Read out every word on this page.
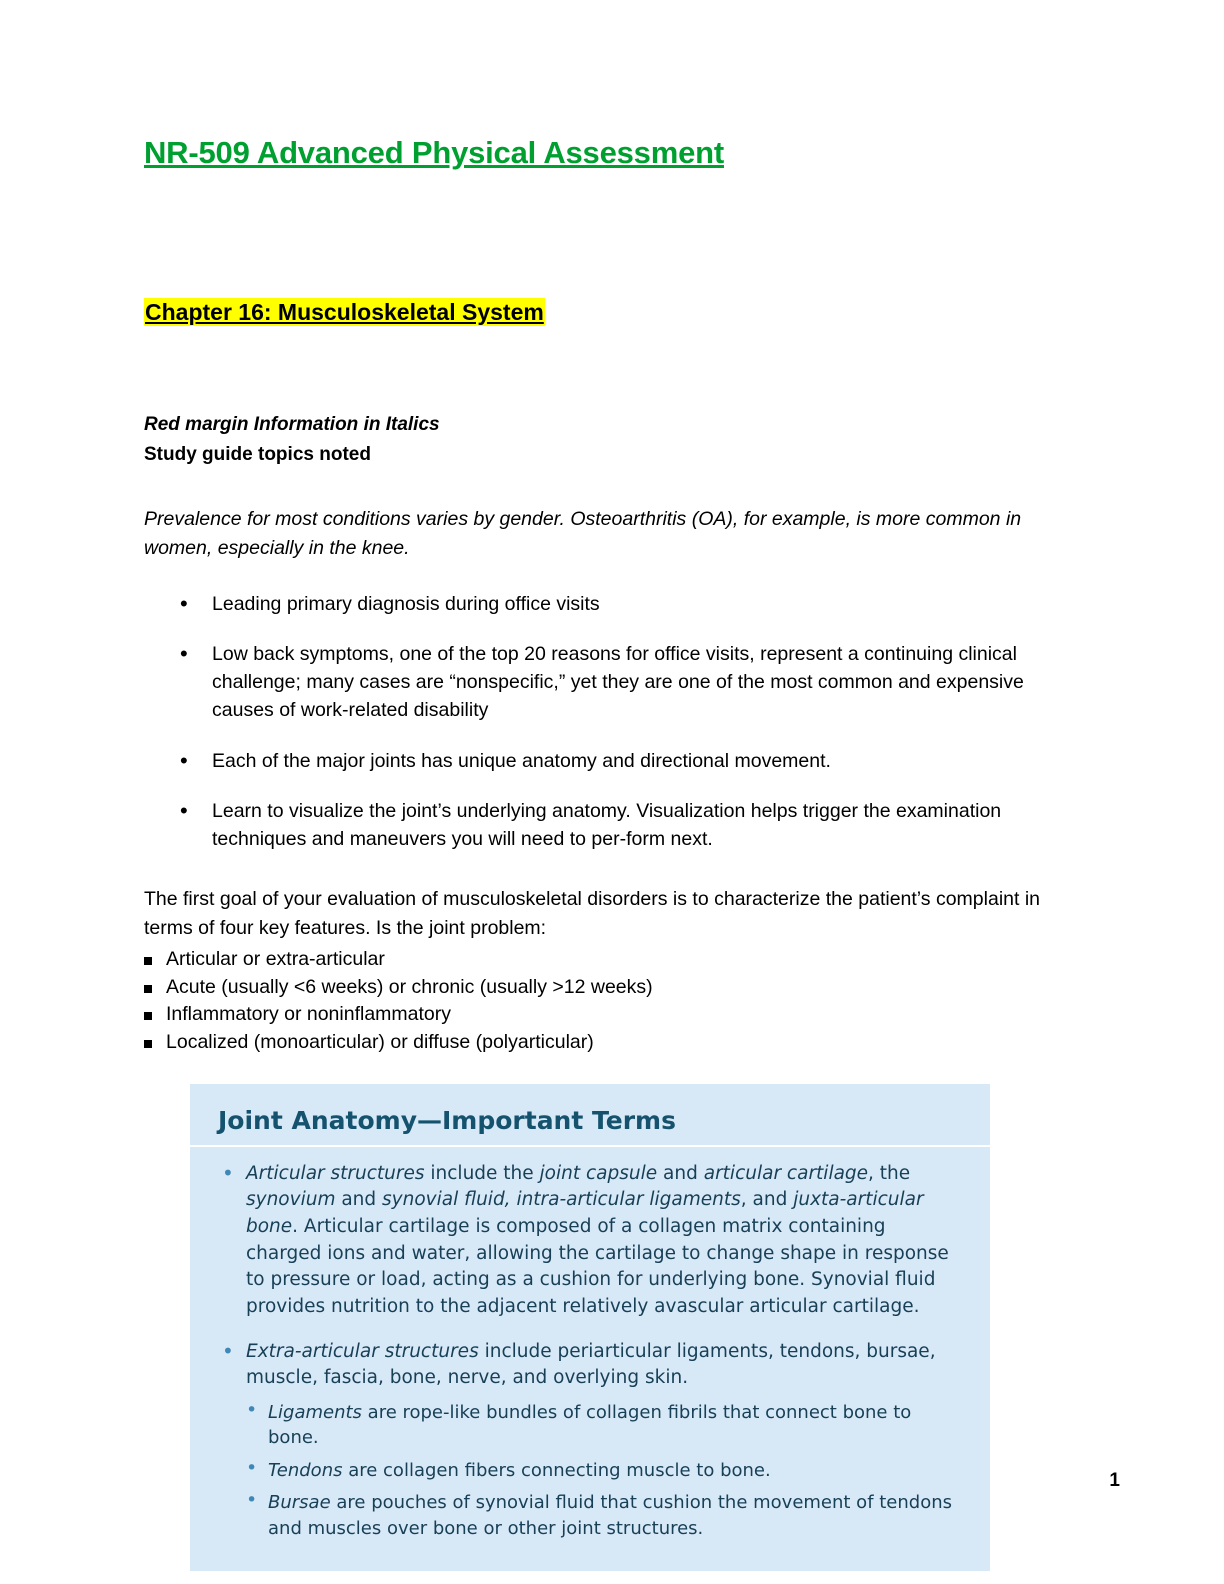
NR-509 Advanced Physical Assessment
Chapter 16: Musculoskeletal System
Red margin Information in Italics
Study guide topics noted

Prevalence for most conditions varies by gender. Osteoarthritis (OA), for example, is more common in women, especially in the knee.

• Leading primary diagnosis during office visits
• Low back symptoms, one of the top 20 reasons for office visits, represent a continuing clinical challenge; many cases are “nonspecific,” yet they are one of the most common and expensive causes of work-related disability
• Each of the major joints has unique anatomy and directional movement.
• Learn to visualize the joint’s underlying anatomy. Visualization helps trigger the examination techniques and maneuvers you will need to per-form next.

The first goal of your evaluation of musculoskeletal disorders is to characterize the patient’s complaint in terms of four key features. Is the joint problem:

Articular or extra-articular
Acute (usually <6 weeks) or chronic (usually >12 weeks)
Inflammatory or noninflammatory
Localized (monoarticular) or diffuse (polyarticular)
Joint Anatomy—Important Terms
• Articular structures include the joint capsule and articular cartilage, the synovium and synovial fluid, intra-articular ligaments, and juxta-articular bone. Articular cartilage is composed of a collagen matrix containing charged ions and water, allowing the cartilage to change shape in response to pressure or load, acting as a cushion for underlying bone. Synovial fluid provides nutrition to the adjacent relatively avascular articular cartilage.
• Extra-articular structures include periarticular ligaments, tendons, bursae, muscle, fascia, bone, nerve, and overlying skin.
• Ligaments are rope-like bundles of collagen fibrils that connect bone to bone.
• Tendons are collagen fibers connecting muscle to bone.
• Bursae are pouches of synovial fluid that cushion the movement of tendons and muscles over bone or other joint structures.
1
